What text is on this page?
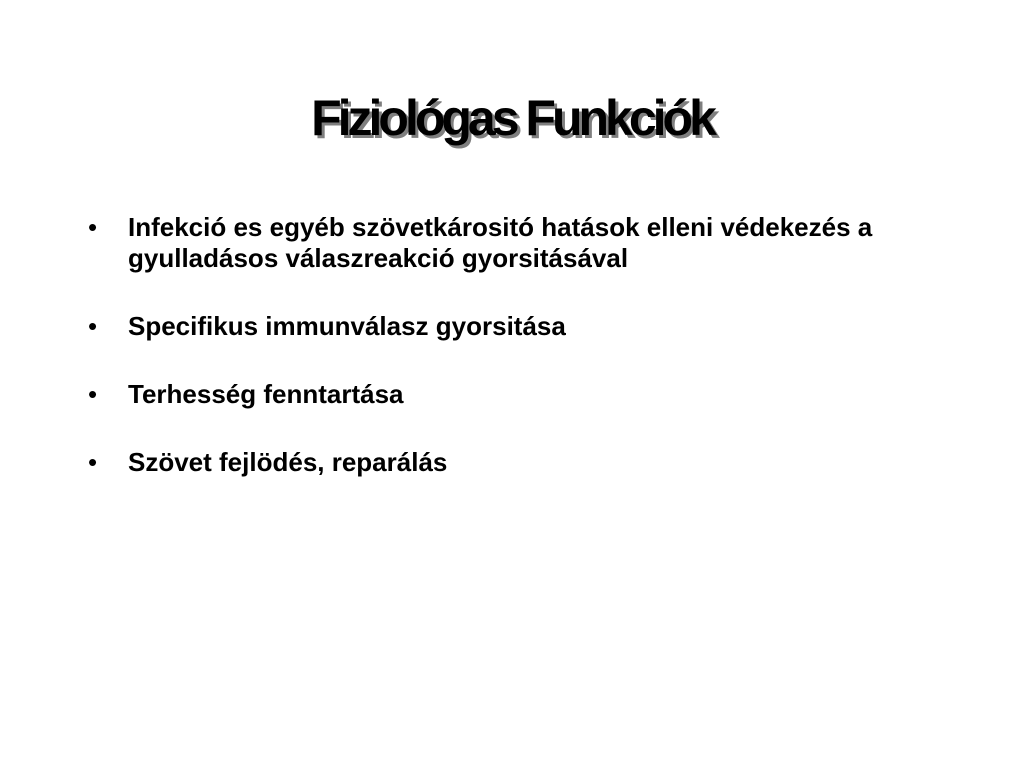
Fiziológas Funkciók
•	Infekció es egyéb szövetkárositó hatások elleni védekezés a gyulladásos válaszreakció gyorsitásával
•	Specifikus immunválasz gyorsitása
•	Terhesség fenntartása
•	Szövet fejlödés, reparálás
